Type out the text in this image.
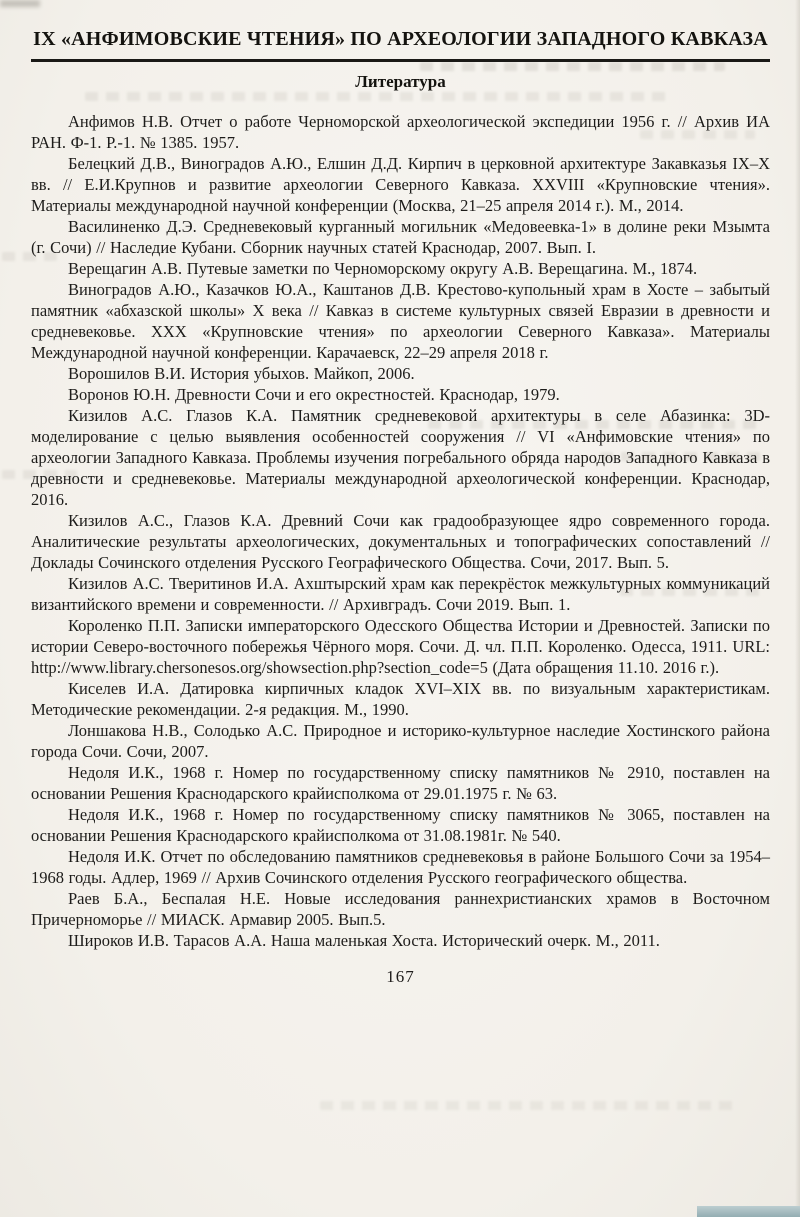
IX «АНФИМОВСКИЕ ЧТЕНИЯ» ПО АРХЕОЛОГИИ ЗАПАДНОГО КАВКАЗА
Литература

Анфимов Н.В. Отчет о работе Черноморской археологической экспедиции 1956 г. // Архив ИА РАН. Ф-1. Р.-1. № 1385. 1957.

Белецкий Д.В., Виноградов А.Ю., Елшин Д.Д. Кирпич в церковной архитектуре Закавказья IX–X вв. // Е.И.Крупнов и развитие археологии Северного Кавказа. XXVIII «Крупновские чтения». Материалы международной научной конференции (Москва, 21–25 апреля 2014 г.). М., 2014.

Василиненко Д.Э. Средневековый курганный могильник «Медовеевка-1» в долине реки Мзымта (г. Сочи) // Наследие Кубани. Сборник научных статей Краснодар, 2007. Вып. I.

Верещагин А.В. Путевые заметки по Черноморскому округу А.В. Верещагина. М., 1874.

Виноградов А.Ю., Казачков Ю.А., Каштанов Д.В. Крестово-купольный храм в Хосте – забытый памятник «абхазской школы» X века // Кавказ в системе культурных связей Евразии в древности и средневековье. XXX «Крупновские чтения» по археологии Северного Кавказа». Материалы Международной научной конференции. Карачаевск, 22–29 апреля 2018 г.

Ворошилов В.И. История убыхов. Майкоп, 2006.

Воронов Ю.Н. Древности Сочи и его окрестностей. Краснодар, 1979.

Кизилов А.С. Глазов К.А. Памятник средневековой архитектуры в селе Абазинка: 3D-моделирование с целью выявления особенностей сооружения // VI «Анфимовские чтения» по археологии Западного Кавказа. Проблемы изучения погребального обряда народов Западного Кавказа в древности и средневековье. Материалы международной археологической конференции. Краснодар, 2016.

Кизилов А.С., Глазов К.А. Древний Сочи как градообразующее ядро современного города. Аналитические результаты археологических, документальных и топографических сопоставлений // Доклады Сочинского отделения Русского Географического Общества. Сочи, 2017. Вып. 5.

Кизилов А.С. Тверитинов И.А. Ахштырский храм как перекрёсток межкультурных коммуникаций византийского времени и современности. // Архивградъ. Сочи 2019. Вып. 1.

Короленко П.П. Записки императорского Одесского Общества Истории и Древностей. Записки по истории Северо-восточного побережья Чёрного моря. Сочи. Д. чл. П.П. Короленко. Одесса, 1911. URL: http://www.library.chersonesos.org/showsection.php?section_code=5 (Дата обращения 11.10. 2016 г.).

Киселев И.А. Датировка кирпичных кладок XVI–XIX вв. по визуальным характеристикам. Методические рекомендации. 2-я редакция. М., 1990.

Лоншакова Н.В., Солодько А.С. Природное и историко-культурное наследие Хостинского района города Сочи. Сочи, 2007.

Недоля И.К., 1968 г. Номер по государственному списку памятников № 2910, поставлен на основании Решения Краснодарского крайисполкома от 29.01.1975 г. № 63.

Недоля И.К., 1968 г. Номер по государственному списку памятников № 3065, поставлен на основании Решения Краснодарского крайисполкома от 31.08.1981г. № 540.

Недоля И.К. Отчет по обследованию памятников средневековья в районе Большого Сочи за 1954–1968 годы. Адлер, 1969 // Архив Сочинского отделения Русского географического общества.

Раев Б.А., Беспалая Н.Е. Новые исследования раннехристианских храмов в Восточном Причерноморье // МИАСК. Армавир 2005. Вып.5.

Широков И.В. Тарасов А.А. Наша маленькая Хоста. Исторический очерк. М., 2011.

167
